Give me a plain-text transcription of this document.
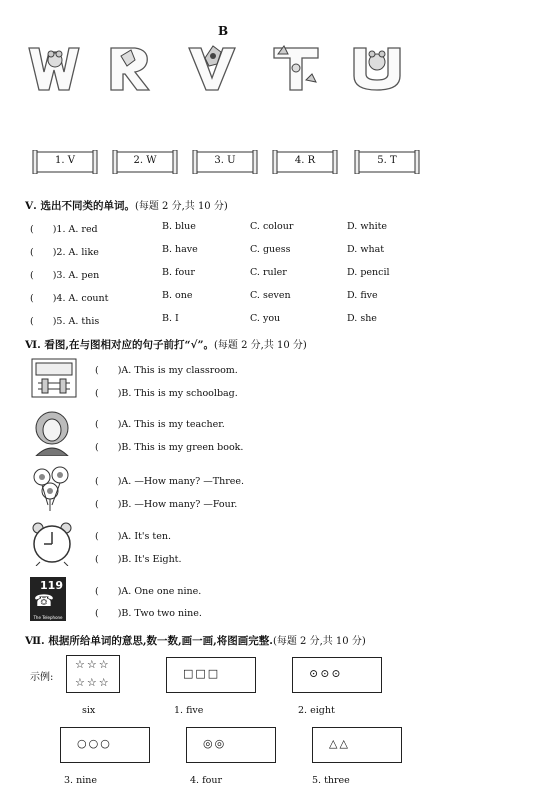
B
1. V	2. W	3. U	4. R	5. T
Ⅴ. 选出不同类的单词。(每题 2 分,共 10 分)
(　　)1. A. red	B. blue	C. colour	D. white
(　　)2. A. like	B. have	C. guess	D. what
(　　)3. A. pen	B. four	C. ruler	D. pencil
(　　)4. A. count	B. one	C. seven	D. five
(　　)5. A. this	B. I	C. you	D. she
Ⅵ. 看图,在与图相对应的句子前打“√”。(每题 2 分,共 10 分)
(　　)A. This is my classroom.
(　　)B. This is my schoolbag.
(　　)A. This is my teacher.
(　　)B. This is my green book.
(　　)A. —How many? —Three.
(　　)B. —How many? —Four.
(　　)A. It's ten.
(　　)B. It's Eight.
119
☎
The Telephone
(　　)A. One one nine.
(　　)B. Two two nine.
Ⅶ. 根据所给单词的意思,数一数,画一画,将图画完整.(每题 2 分,共 10 分)
示例:
☆☆☆
☆☆☆
six
□□□
1. five
⊙⊙⊙
2. eight
○○○
3. nine
◎◎
4. four
△△
5. three
